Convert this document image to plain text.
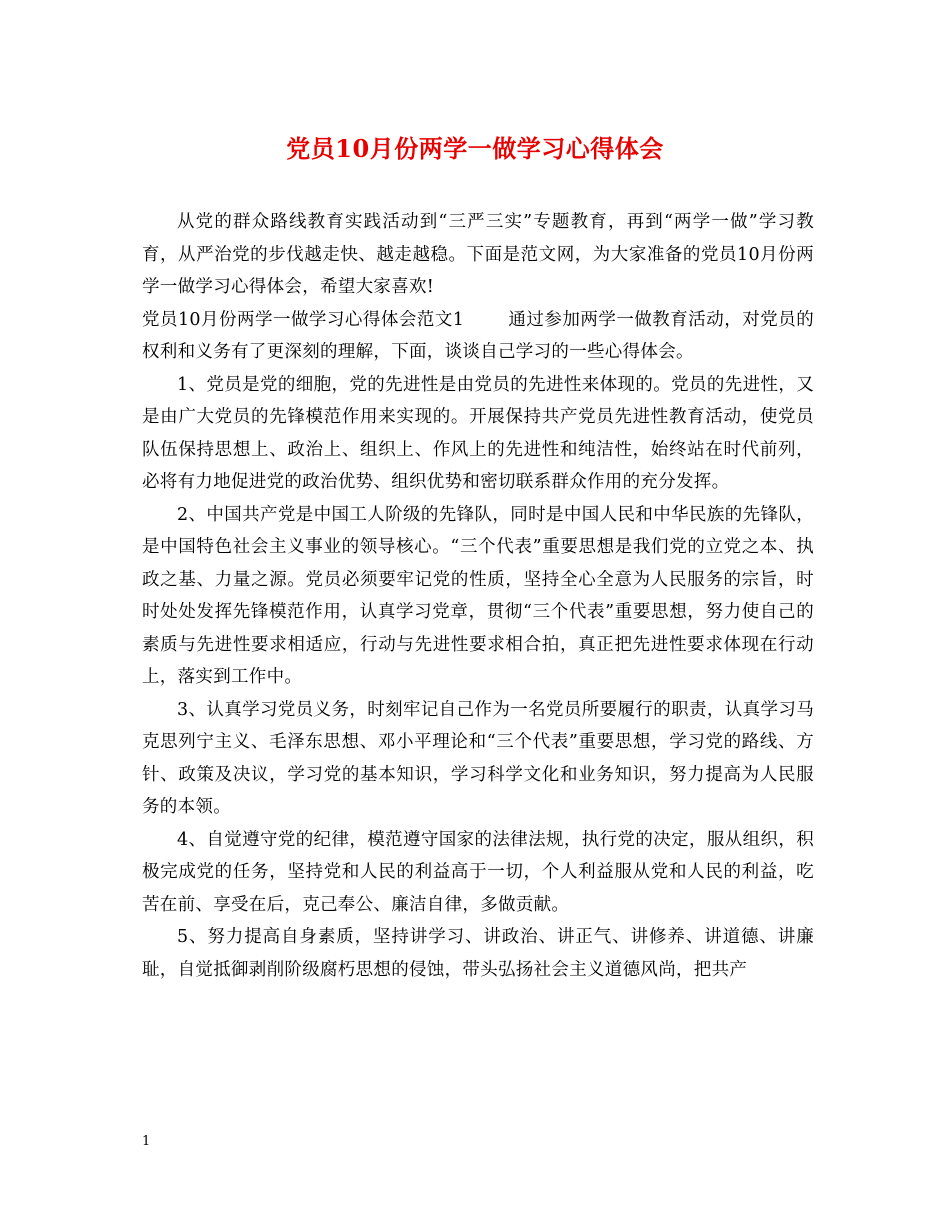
党员10月份两学一做学习心得体会

从党的群众路线教育实践活动到“三严三实”专题教育，再到“两学一做”学习教育，从严治党的步伐越走快、越走越稳。下面是范文网，为大家准备的党员10月份两学一做学习心得体会，希望大家喜欢!

党员10月份两学一做学习心得体会范文1	通过参加两学一做教育活动，对党员的权利和义务有了更深刻的理解，下面，谈谈自己学习的一些心得体会。

1、党员是党的细胞，党的先进性是由党员的先进性来体现的。党员的先进性，又是由广大党员的先锋模范作用来实现的。开展保持共产党员先进性教育活动，使党员队伍保持思想上、政治上、组织上、作风上的先进性和纯洁性，始终站在时代前列，必将有力地促进党的政治优势、组织优势和密切联系群众作用的充分发挥。

2、中国共产党是中国工人阶级的先锋队，同时是中国人民和中华民族的先锋队，是中国特色社会主义事业的领导核心。“三个代表”重要思想是我们党的立党之本、执政之基、力量之源。党员必须要牢记党的性质，坚持全心全意为人民服务的宗旨，时时处处发挥先锋模范作用，认真学习党章，贯彻“三个代表”重要思想，努力使自己的素质与先进性要求相适应，行动与先进性要求相合拍，真正把先进性要求体现在行动上，落实到工作中。

3、认真学习党员义务，时刻牢记自己作为一名党员所要履行的职责，认真学习马克思列宁主义、毛泽东思想、邓小平理论和“三个代表”重要思想，学习党的路线、方针、政策及决议，学习党的基本知识，学习科学文化和业务知识，努力提高为人民服务的本领。

4、自觉遵守党的纪律，模范遵守国家的法律法规，执行党的决定，服从组织，积极完成党的任务，坚持党和人民的利益高于一切，个人利益服从党和人民的利益，吃苦在前、享受在后，克己奉公、廉洁自律，多做贡献。

5、努力提高自身素质，坚持讲学习、讲政治、讲正气、讲修养、讲道德、讲廉耻，自觉抵御剥削阶级腐朽思想的侵蚀，带头弘扬社会主义道德风尚，把共产

1
